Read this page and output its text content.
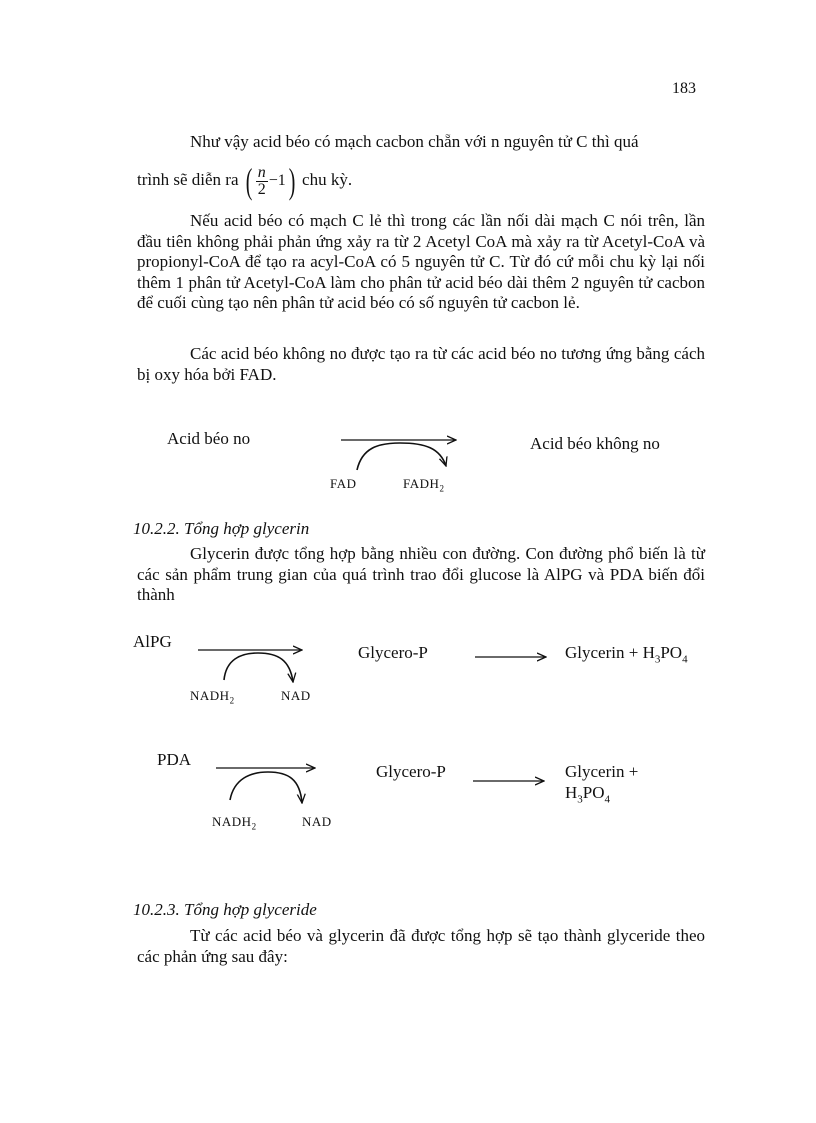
183
Như vậy acid béo có mạch cacbon chẵn với n nguyên tử C thì quá
trình sẽ diễn ra ( $\frac{n}{2} -1$ ) chu kỳ.
Nếu acid béo có mạch C lẻ thì trong các lần nối dài mạch C nói trên, lần đầu tiên không phải phản ứng xảy ra từ 2 Acetyl CoA mà xảy ra từ Acetyl-CoA và propionyl-CoA để tạo ra acyl-CoA có 5 nguyên tử C. Từ đó cứ mỗi chu kỳ lại nối thêm 1 phân tử Acetyl-CoA làm cho phân tử acid béo dài thêm 2 nguyên tử cacbon để cuối cùng tạo nên phân tử acid béo có số nguyên tử cacbon lẻ.
Các acid béo không no được tạo ra từ các acid béo no tương ứng bằng cách bị oxy hóa bởi FAD.
Acid béo no	Acid béo không no
FAD	$FADH_2$
10.2.2. Tổng hợp glycerin
Glycerin được tổng hợp bằng nhiều con đường. Con đường phổ biến là từ các sản phẩm trung gian của quá trình trao đổi glucose là AlPG và PDA biến đổi thành
AlPG
Glycero-P	Glycerin + $H_3PO_4$
$NADH_2$	NAD
PDA
Glycero-P	Glycerin +
$H_3PO_4$
$NADH_2$	NAD
10.2.3. Tổng hợp glyceride
Từ các acid béo và glycerin đã được tổng hợp sẽ tạo thành glyceride theo các phản ứng sau đây:
